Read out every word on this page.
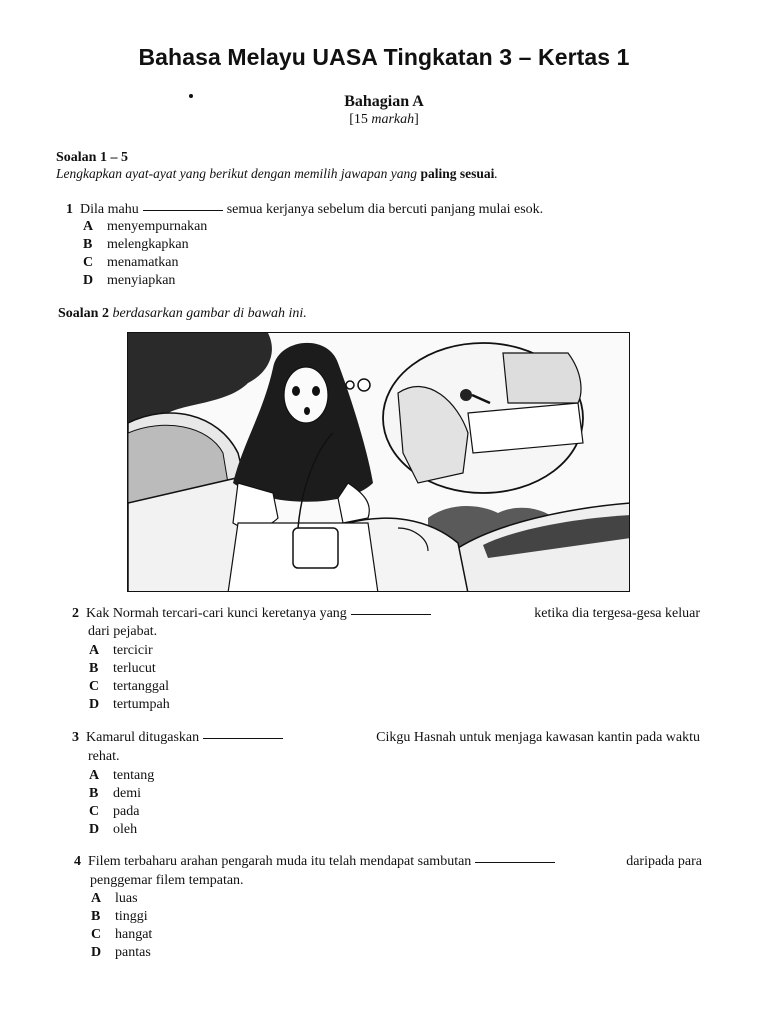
Bahasa Melayu UASA Tingkatan 3 – Kertas 1
Bahagian A
[15 markah]
Soalan 1 – 5
Lengkapkan ayat-ayat yang berikut dengan memilih jawapan yang paling sesuai.
1 Dila mahu	semua kerjanya sebelum dia bercuti panjang mulai esok.
A menyempurnakan
B melengkapkan
C menamatkan
D menyiapkan
Soalan 2 berdasarkan gambar di bawah ini.
2 Kak Normah tercari-cari kunci keretanya yang	ketika dia tergesa-gesa keluar
dari pejabat.
A tercicir
B terlucut
C tertanggal
D tertumpah
3 Kamarul ditugaskan	Cikgu Hasnah untuk menjaga kawasan kantin pada waktu
rehat.
A tentang
B demi
C pada
D oleh
4 Filem terbaharu arahan pengarah muda itu telah mendapat sambutan	daripada para
penggemar filem tempatan.
A luas
B tinggi
C hangat
D pantas
